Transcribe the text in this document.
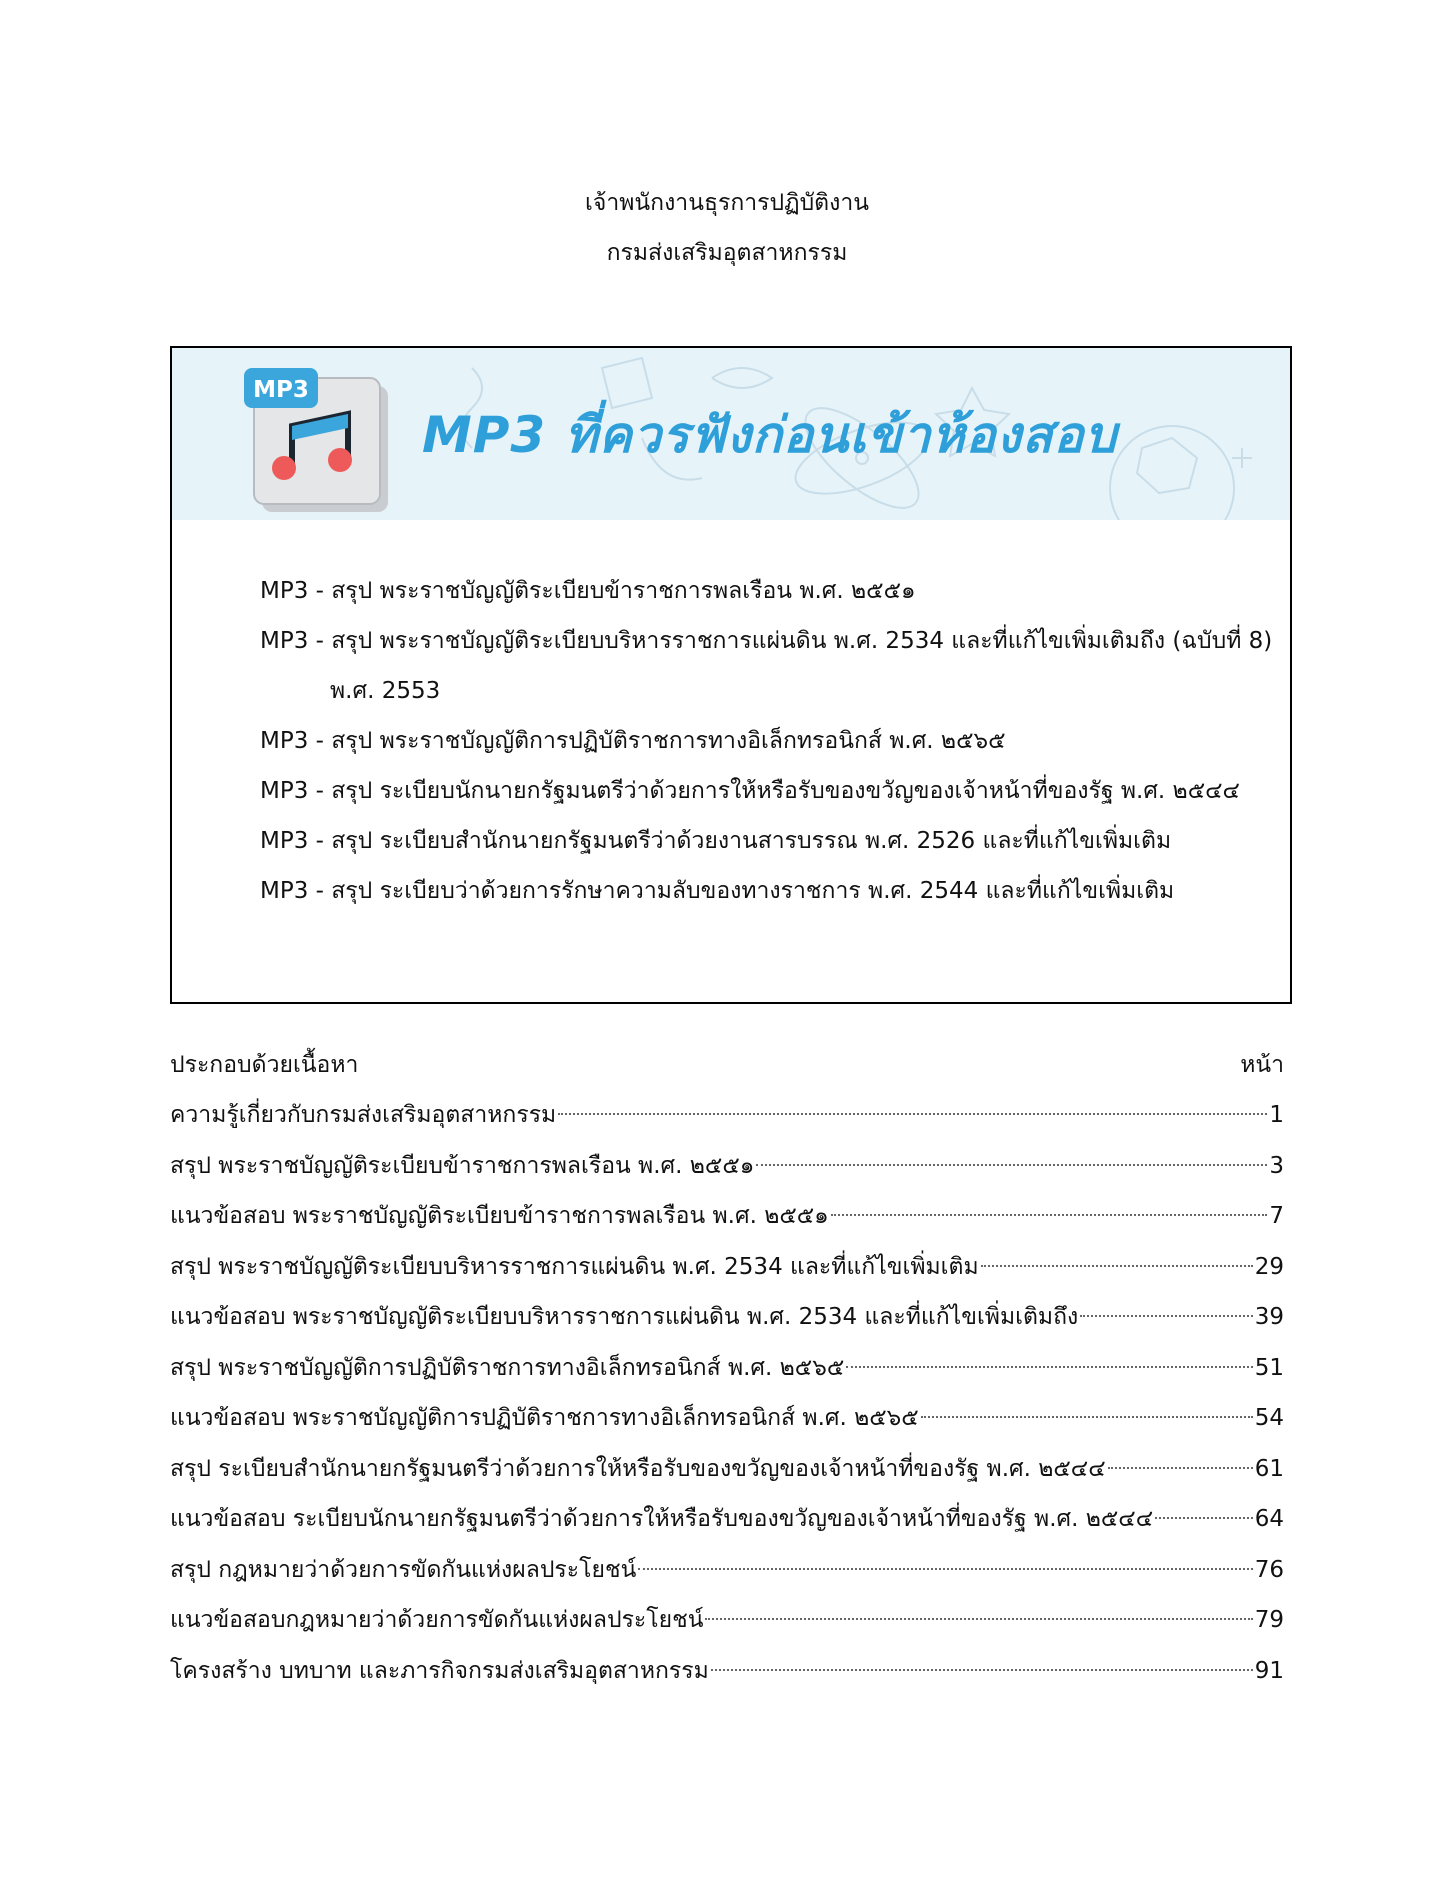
เจ้าพนักงานธุรการปฏิบัติงาน
กรมส่งเสริมอุตสาหกรรม
MP3
MP3 ที่ควรฟังก่อนเข้าห้องสอบ
MP3 - สรุป พระราชบัญญัติระเบียบข้าราชการพลเรือน พ.ศ. ๒๕๕๑
MP3 - สรุป พระราชบัญญัติระเบียบบริหารราชการแผ่นดิน พ.ศ. 2534 และที่แก้ไขเพิ่มเติมถึง (ฉบับที่ 8) พ.ศ. 2553
MP3 - สรุป พระราชบัญญัติการปฏิบัติราชการทางอิเล็กทรอนิกส์ พ.ศ. ๒๕๖๕
MP3 - สรุป ระเบียบนักนายกรัฐมนตรีว่าด้วยการให้หรือรับของขวัญของเจ้าหน้าที่ของรัฐ พ.ศ. ๒๕๔๔
MP3 - สรุป ระเบียบสำนักนายกรัฐมนตรีว่าด้วยงานสารบรรณ พ.ศ. 2526 และที่แก้ไขเพิ่มเติม
MP3 - สรุป ระเบียบว่าด้วยการรักษาความลับของทางราชการ พ.ศ. 2544 และที่แก้ไขเพิ่มเติม
ประกอบด้วยเนื้อหา	หน้า
ความรู้เกี่ยวกับกรมส่งเสริมอุตสาหกรรม	1
สรุป พระราชบัญญัติระเบียบข้าราชการพลเรือน พ.ศ. ๒๕๕๑	3
แนวข้อสอบ พระราชบัญญัติระเบียบข้าราชการพลเรือน พ.ศ. ๒๕๕๑	7
สรุป พระราชบัญญัติระเบียบบริหารราชการแผ่นดิน พ.ศ. 2534 และที่แก้ไขเพิ่มเติม	29
แนวข้อสอบ พระราชบัญญัติระเบียบบริหารราชการแผ่นดิน พ.ศ. 2534 และที่แก้ไขเพิ่มเติมถึง	39
สรุป พระราชบัญญัติการปฏิบัติราชการทางอิเล็กทรอนิกส์ พ.ศ. ๒๕๖๕	51
แนวข้อสอบ พระราชบัญญัติการปฏิบัติราชการทางอิเล็กทรอนิกส์ พ.ศ. ๒๕๖๕	54
สรุป ระเบียบสำนักนายกรัฐมนตรีว่าด้วยการให้หรือรับของขวัญของเจ้าหน้าที่ของรัฐ พ.ศ. ๒๕๔๔	61
แนวข้อสอบ ระเบียบนักนายกรัฐมนตรีว่าด้วยการให้หรือรับของขวัญของเจ้าหน้าที่ของรัฐ พ.ศ. ๒๕๔๔	64
สรุป กฎหมายว่าด้วยการขัดกันแห่งผลประโยชน์	76
แนวข้อสอบกฎหมายว่าด้วยการขัดกันแห่งผลประโยชน์	79
โครงสร้าง บทบาท และภารกิจกรมส่งเสริมอุตสาหกรรม	91
